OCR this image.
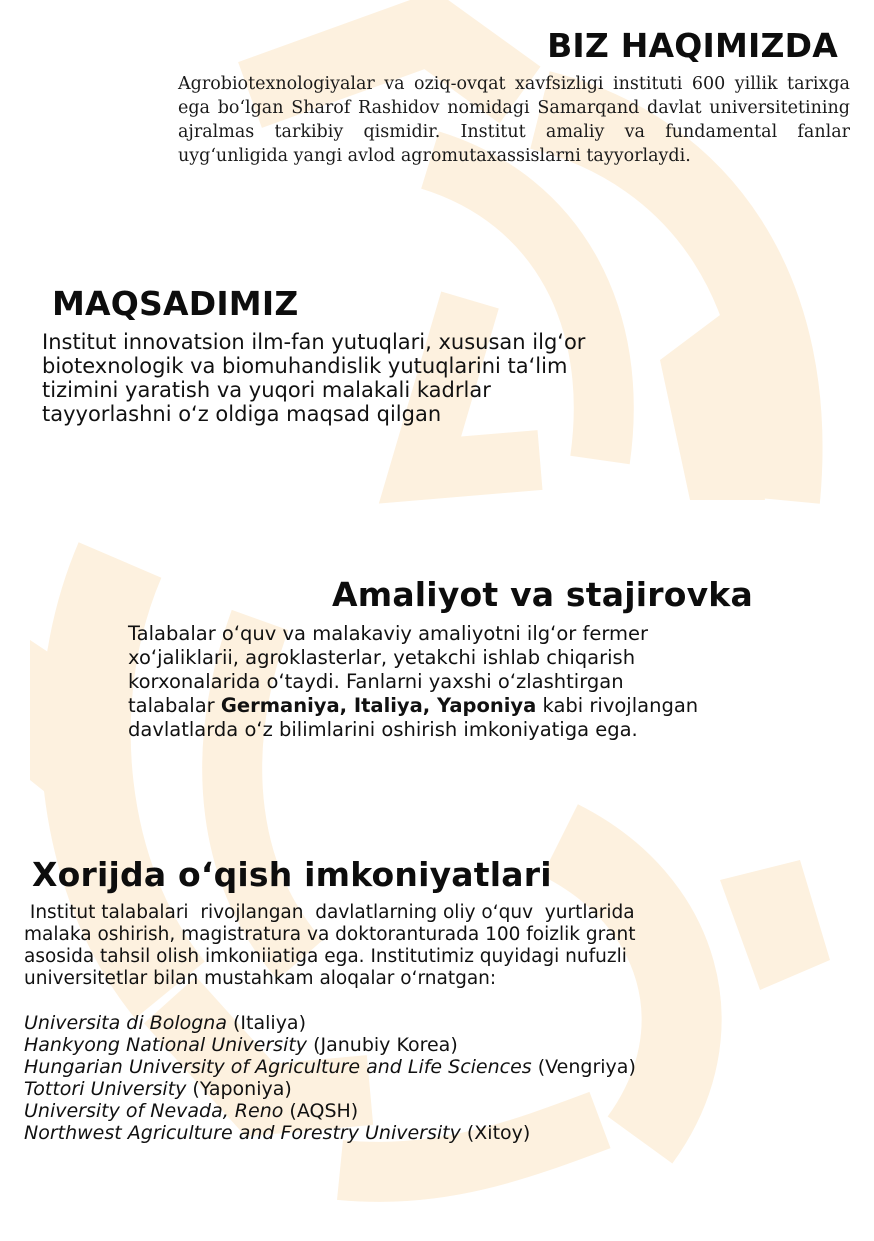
BIZ HAQIMIZDA

Agrobiotexnologiyalar va oziq-ovqat xavfsizligi instituti 600 yillik tarixga ega bo‘lgan Sharof Rashidov nomidagi Samarqand davlat universitetining ajralmas tarkibiy qismidir. Institut amaliy va fundamental fanlar uyg‘unligida yangi avlod agromutaxassislarni tayyorlaydi.

MAQSADIMIZ

Institut innovatsion ilm-fan yutuqlari, xususan ilg‘or

biotexnologik va biomuhandislik yutuqlarini ta‘lim

tizimini yaratish va yuqori malakali kadrlar

tayyorlashni o‘z oldiga maqsad qilgan

Amaliyot va stajirovka

Talabalar o‘quv va malakaviy amaliyotni ilg‘or fermer

xo‘jaliklarii, agroklasterlar, yetakchi ishlab chiqarish

korxonalarida o‘taydi. Fanlarni yaxshi o‘zlashtirgan

talabalar Germaniya, Italiya, Yaponiya kabi rivojlangan

davlatlarda o‘z bilimlarini oshirish imkoniyatiga ega.

Xorijda o‘qish imkoniyatlari

Institut talabalari  rivojlangan  davlatlarning oliy o‘quv  yurtlarida

malaka oshirish, magistratura va doktoranturada 100 foizlik grant

asosida tahsil olish imkoniiatiga ega. Institutimiz quyidagi nufuzli

universitetlar bilan mustahkam aloqalar o‘rnatgan:

Universita di Bologna (Italiya)
Hankyong National University (Janubiy Korea)
Hungarian University of Agriculture and Life Sciences (Vengriya)
Tottori University (Yaponiya)
University of Nevada, Reno (AQSH)
Northwest Agriculture and Forestry University (Xitoy)
